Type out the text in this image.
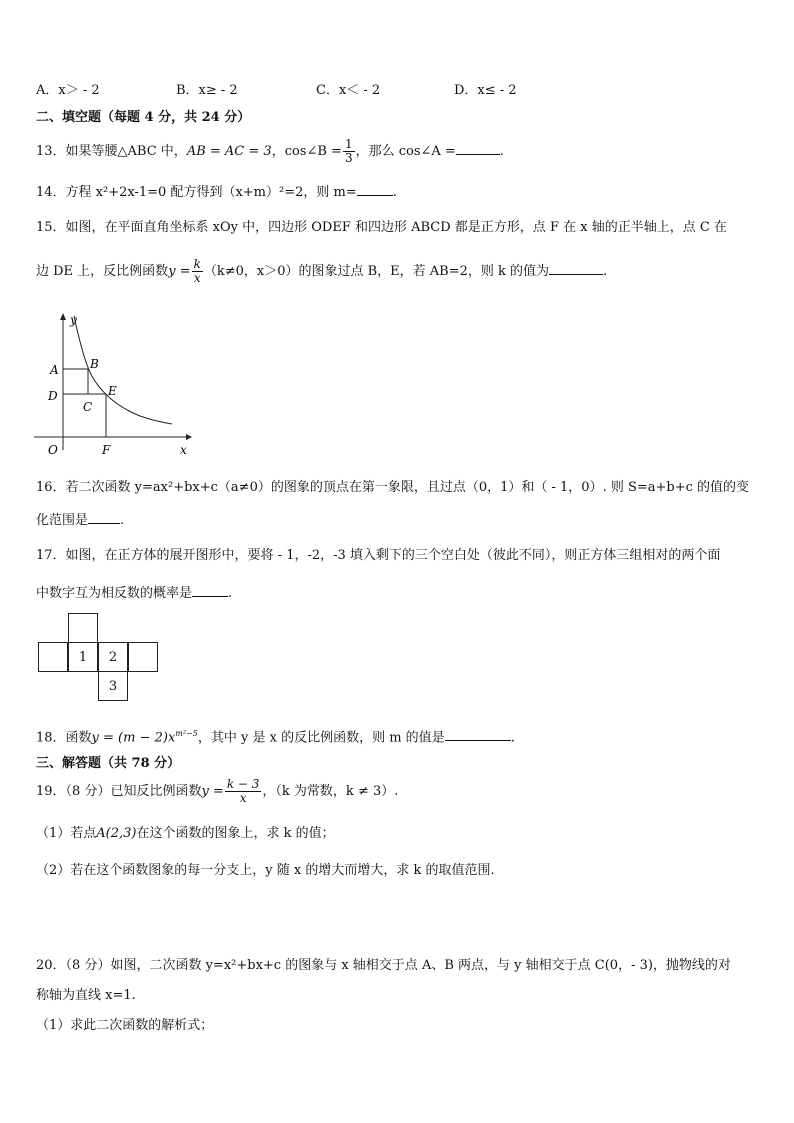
A．x＞ - 2	B．x≥ - 2	C．x＜ - 2	D．x≤ - 2
二、填空题（每题 4 分，共 24 分）
13．如果等腰△ABC 中，AB = AC = 3，cos∠B = $\frac{1}{3}$ ，那么 cos∠A =	.
14．方程 x²+2x-1=0 配方得到（x+m）²=2，则 m=	.
15．如图，在平面直角坐标系 xOy 中，四边形 ODEF 和四边形 ABCD 都是正方形，点 F 在 x 轴的正半轴上，点 C 在
边 DE 上，反比例函数$y = \frac{k}{x} (k\ne 0$，x＞0）的图象过点 B，E，若 AB=2，则 k 的值为	.
y
x
O
A	B
D	E
C
F
16．若二次函数 y=ax²+bx+c（a≠0）的图象的顶点在第一象限，且过点（0，1）和（ - 1，0）. 则 S=a+b+c 的值的变
化范围是 .
17．如图，在正方体的展开图形中，要将 - 1，-2，-3 填入剩下的三个空白处（彼此不同），则正方体三组相对的两个面
中数字互为相反数的概率是	.
1 2
3
18．函数$y = (m - 2)x^{m^2-5}$，其中 y 是 x 的反比例函数，则 m 的值是	.
三、解答题（共 78 分）
19．（8 分）已知反比例函数$y = \frac{k - 3}{x}$ ，（k 为常数，k ≠ 3）.
（1）若点A(2,3)在这个函数的图象上，求 k 的值；
（2）若在这个函数图象的每一分支上，y 随 x 的增大而增大，求 k 的取值范围.
20．（8 分）如图，二次函数 y=x²+bx+c 的图象与 x 轴相交于点 A、B 两点，与 y 轴相交于点 C(0，- 3)，抛物线的对
称轴为直线 x=1.
（1）求此二次函数的解析式；
